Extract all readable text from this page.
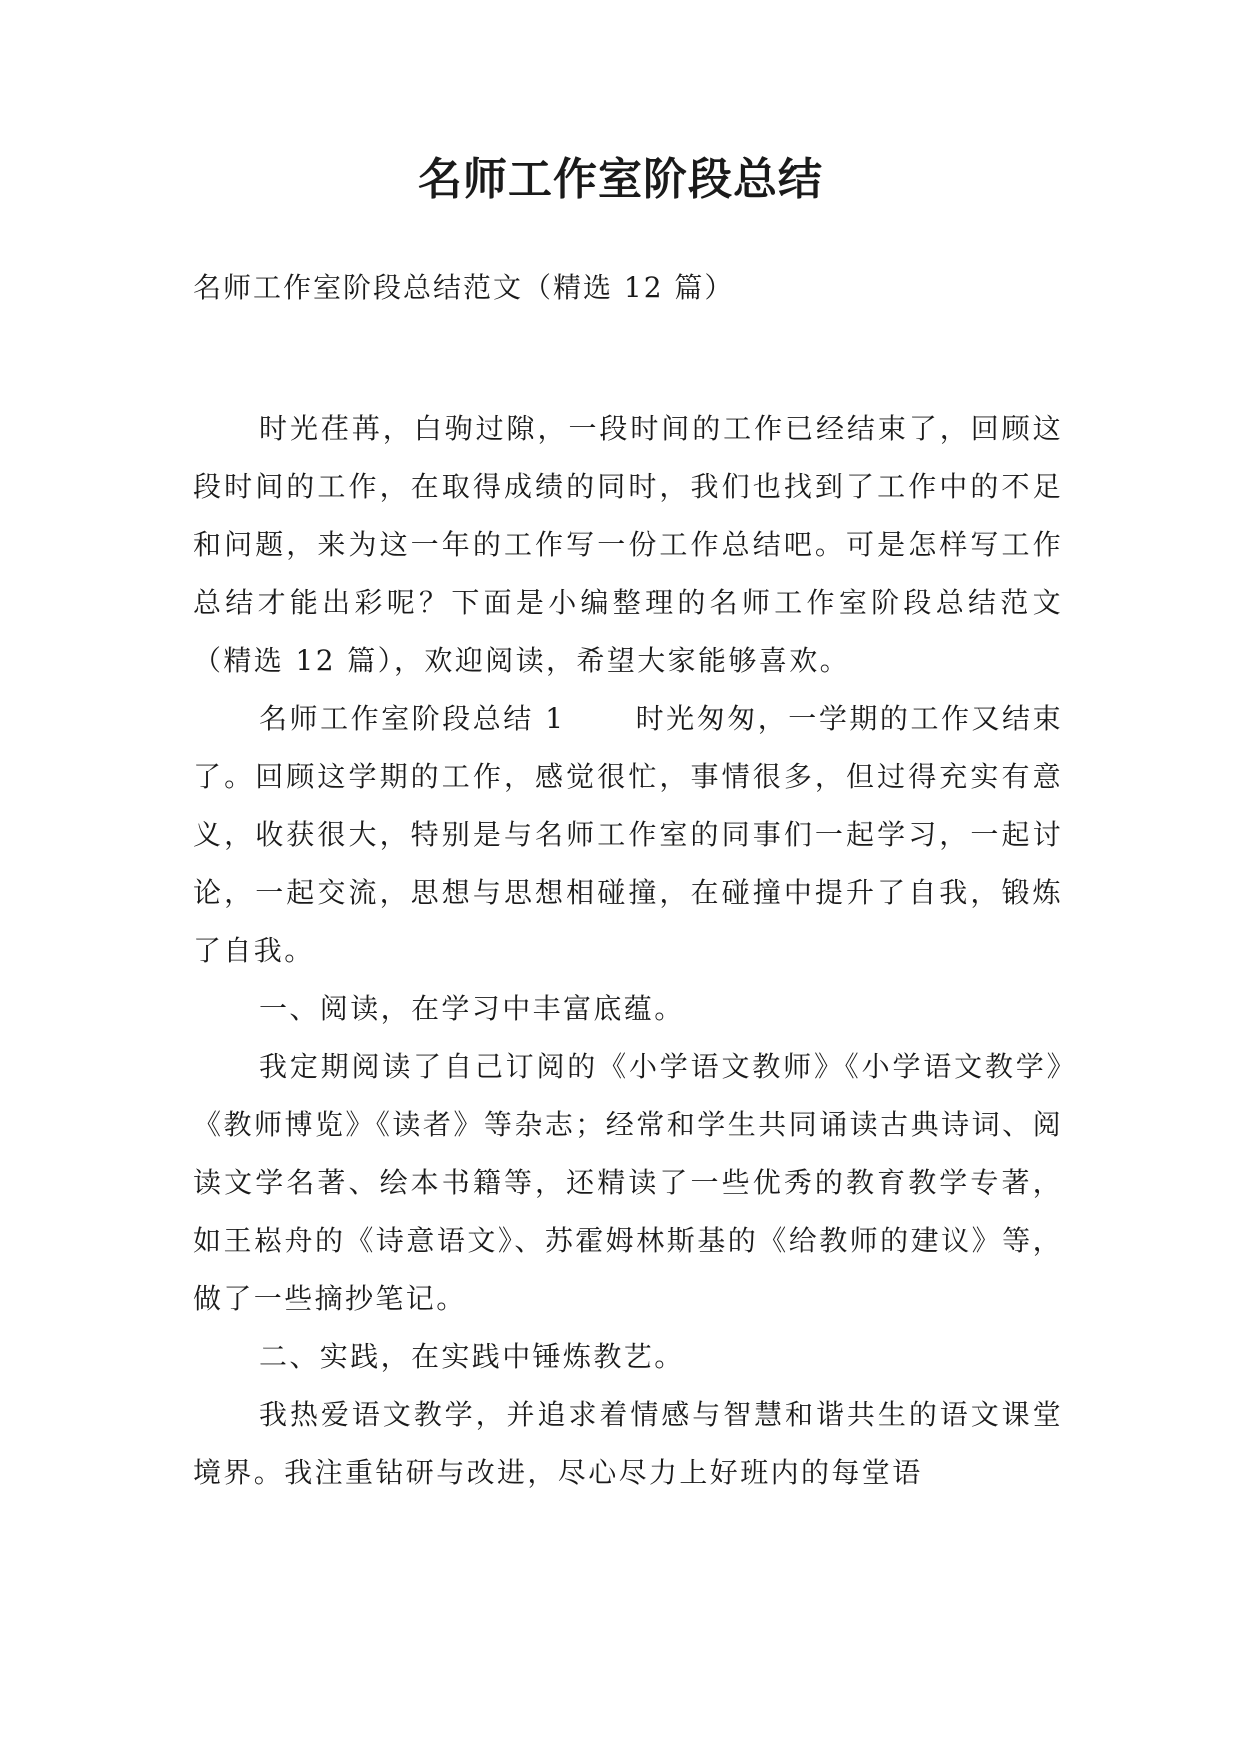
名师工作室阶段总结

名师工作室阶段总结范文（精选 12 篇）

时光荏苒，白驹过隙，一段时间的工作已经结束了，回顾这段时间的工作，在取得成绩的同时，我们也找到了工作中的不足和问题，来为这一年的工作写一份工作总结吧。可是怎样写工作总结才能出彩呢？下面是小编整理的名师工作室阶段总结范文（精选 12 篇），欢迎阅读，希望大家能够喜欢。

名师工作室阶段总结 1	时光匆匆，一学期的工作又结束了。回顾这学期的工作，感觉很忙，事情很多，但过得充实有意义，收获很大，特别是与名师工作室的同事们一起学习，一起讨论，一起交流，思想与思想相碰撞，在碰撞中提升了自我，锻炼了自我。

一、阅读，在学习中丰富底蕴。

我定期阅读了自己订阅的《小学语文教师》《小学语文教学》《教师博览》《读者》等杂志；经常和学生共同诵读古典诗词、阅读文学名著、绘本书籍等，还精读了一些优秀的教育教学专著，如王崧舟的《诗意语文》、苏霍姆林斯基的《给教师的建议》等，做了一些摘抄笔记。

二、实践，在实践中锤炼教艺。

我热爱语文教学，并追求着情感与智慧和谐共生的语文课堂境界。我注重钻研与改进，尽心尽力上好班内的每堂语
